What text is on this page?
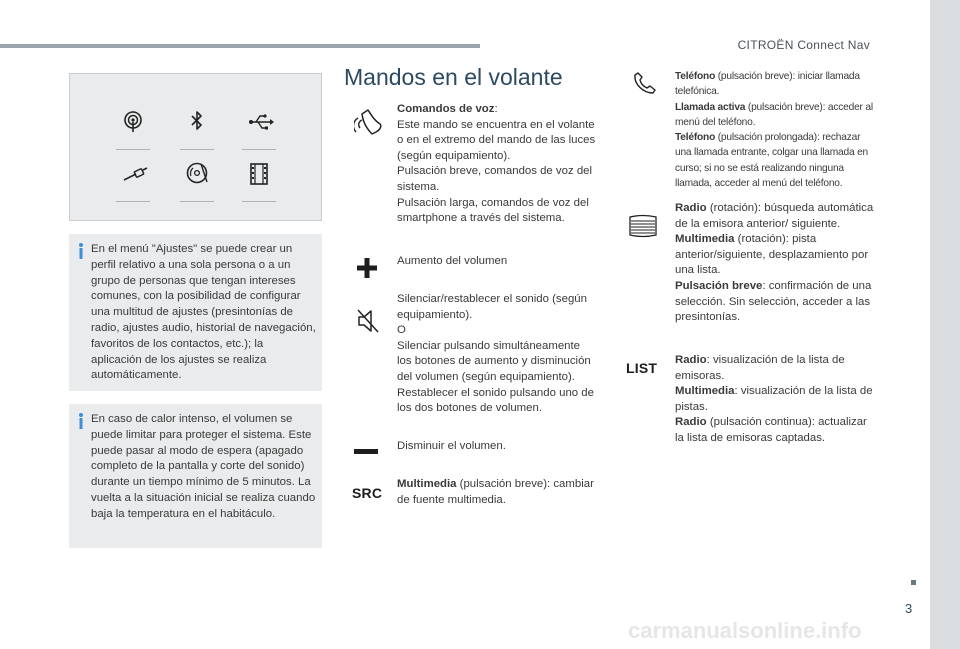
CITROËN Connect Nav

En el menú "Ajustes" se puede crear un perfil relativo a una sola persona o a un grupo de personas que tengan intereses comunes, con la posibilidad de configurar una multitud de ajustes (presintonías de radio, ajustes audio, historial de navegación, favoritos de los contactos, etc.); la aplicación de los ajustes se realiza automáticamente.

En caso de calor intenso, el volumen se puede limitar para proteger el sistema. Este puede pasar al modo de espera (apagado completo de la pantalla y corte del sonido) durante un tiempo mínimo de 5 minutos. La vuelta a la situación inicial se realiza cuando baja la temperatura en el habitáculo.

Mandos en el volante

Comandos de voz:

Este mando se encuentra en el volante o en el extremo del mando de las luces (según equipamiento).

Pulsación breve, comandos de voz del sistema.

Pulsación larga, comandos de voz del smartphone a través del sistema.

Aumento del volumen

Silenciar/restablecer el sonido (según equipamiento).

O

Silenciar pulsando simultáneamente los botones de aumento y disminución del volumen (según equipamiento).

Restablecer el sonido pulsando uno de los dos botones de volumen.

Disminuir el volumen.

SRC

Multimedia (pulsación breve): cambiar de fuente multimedia.

Teléfono (pulsación breve): iniciar llamada telefónica.

Llamada activa (pulsación breve): acceder al menú del teléfono.

Teléfono (pulsación prolongada): rechazar una llamada entrante, colgar una llamada en curso; si no se está realizando ninguna llamada, acceder al menú del teléfono.

Radio (rotación): búsqueda automática de la emisora anterior/ siguiente.

Multimedia (rotación): pista anterior/siguiente, desplazamiento por una lista.

Pulsación breve: confirmación de una selección. Sin selección, acceder a las presintonías.

LIST Radio: visualización de la lista de emisoras.

Multimedia: visualización de la lista de pistas.

Radio (pulsación continua): actualizar la lista de emisoras captadas.

3
carmanualsonline.info
